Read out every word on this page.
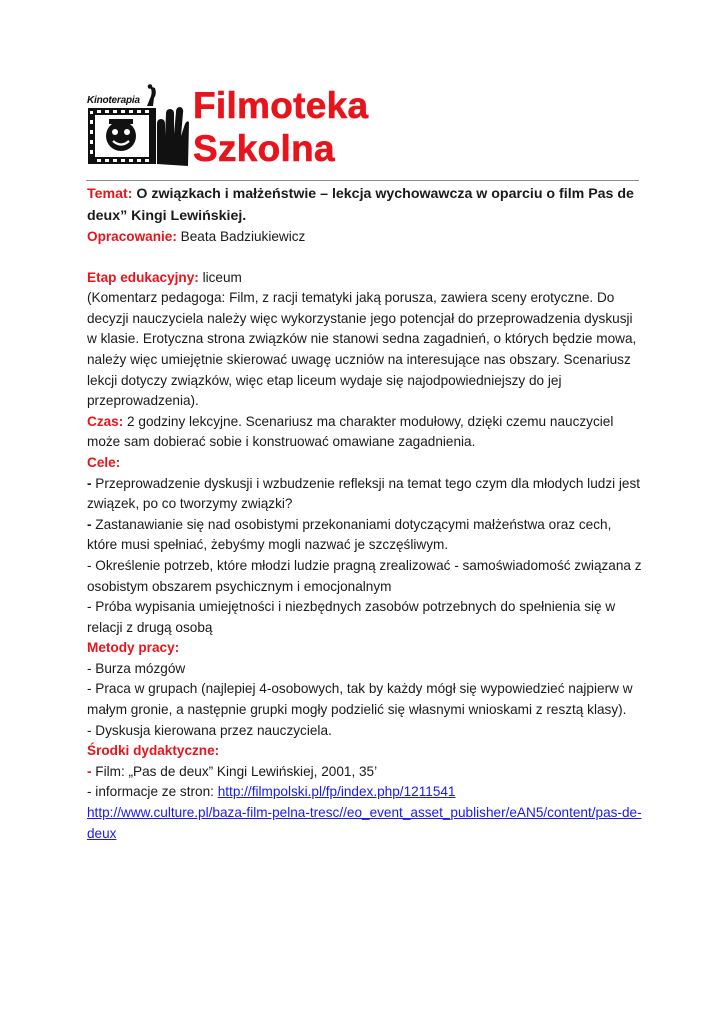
Kinoterapia Filmoteka
Szkolna

Temat: O związkach i małżeństwie – lekcja wychowawcza w oparciu o film Pas de deux” Kingi Lewińskiej.

Opracowanie: Beata Badziukiewicz

Etap edukacyjny: liceum

(Komentarz pedagoga: Film, z racji tematyki jaką porusza, zawiera sceny erotyczne. Do decyzji nauczyciela należy więc wykorzystanie jego potencjał do przeprowadzenia dyskusji w klasie. Erotyczna strona związków nie stanowi sedna zagadnień, o których będzie mowa, należy więc umiejętnie skierować uwagę uczniów na interesujące nas obszary. Scenariusz lekcji dotyczy związków, więc etap liceum wydaje się najodpowiedniejszy do jej przeprowadzenia).

Czas: 2 godziny lekcyjne. Scenariusz ma charakter modułowy, dzięki czemu nauczyciel może sam dobierać sobie i konstruować omawiane zagadnienia.

Cele:

- Przeprowadzenie dyskusji i wzbudzenie refleksji na temat tego czym dla młodych ludzi jest związek, po co tworzymy związki?

- Zastanawianie się nad osobistymi przekonaniami dotyczącymi małżeństwa oraz cech, które musi spełniać, żebyśmy mogli nazwać je szczęśliwym.

- Określenie potrzeb, które młodzi ludzie pragną zrealizować - samoświadomość związana z osobistym obszarem psychicznym i emocjonalnym

- Próba wypisania umiejętności i niezbędnych zasobów potrzebnych do spełnienia się w relacji z drugą osobą

Metody pracy:

- Burza mózgów

- Praca w grupach (najlepiej 4-osobowych, tak by każdy mógł się wypowiedzieć najpierw w małym gronie, a następnie grupki mogły podzielić się własnymi wnioskami z resztą klasy).

- Dyskusja kierowana przez nauczyciela.

Środki dydaktyczne:

- Film: „Pas de deux” Kingi Lewińskiej, 2001, 35’

- informacje ze stron: http://filmpolski.pl/fp/index.php/1211541

http://www.culture.pl/baza-film-pelna-tresc//eo_event_asset_publisher/eAN5/content/pas-de-deux
